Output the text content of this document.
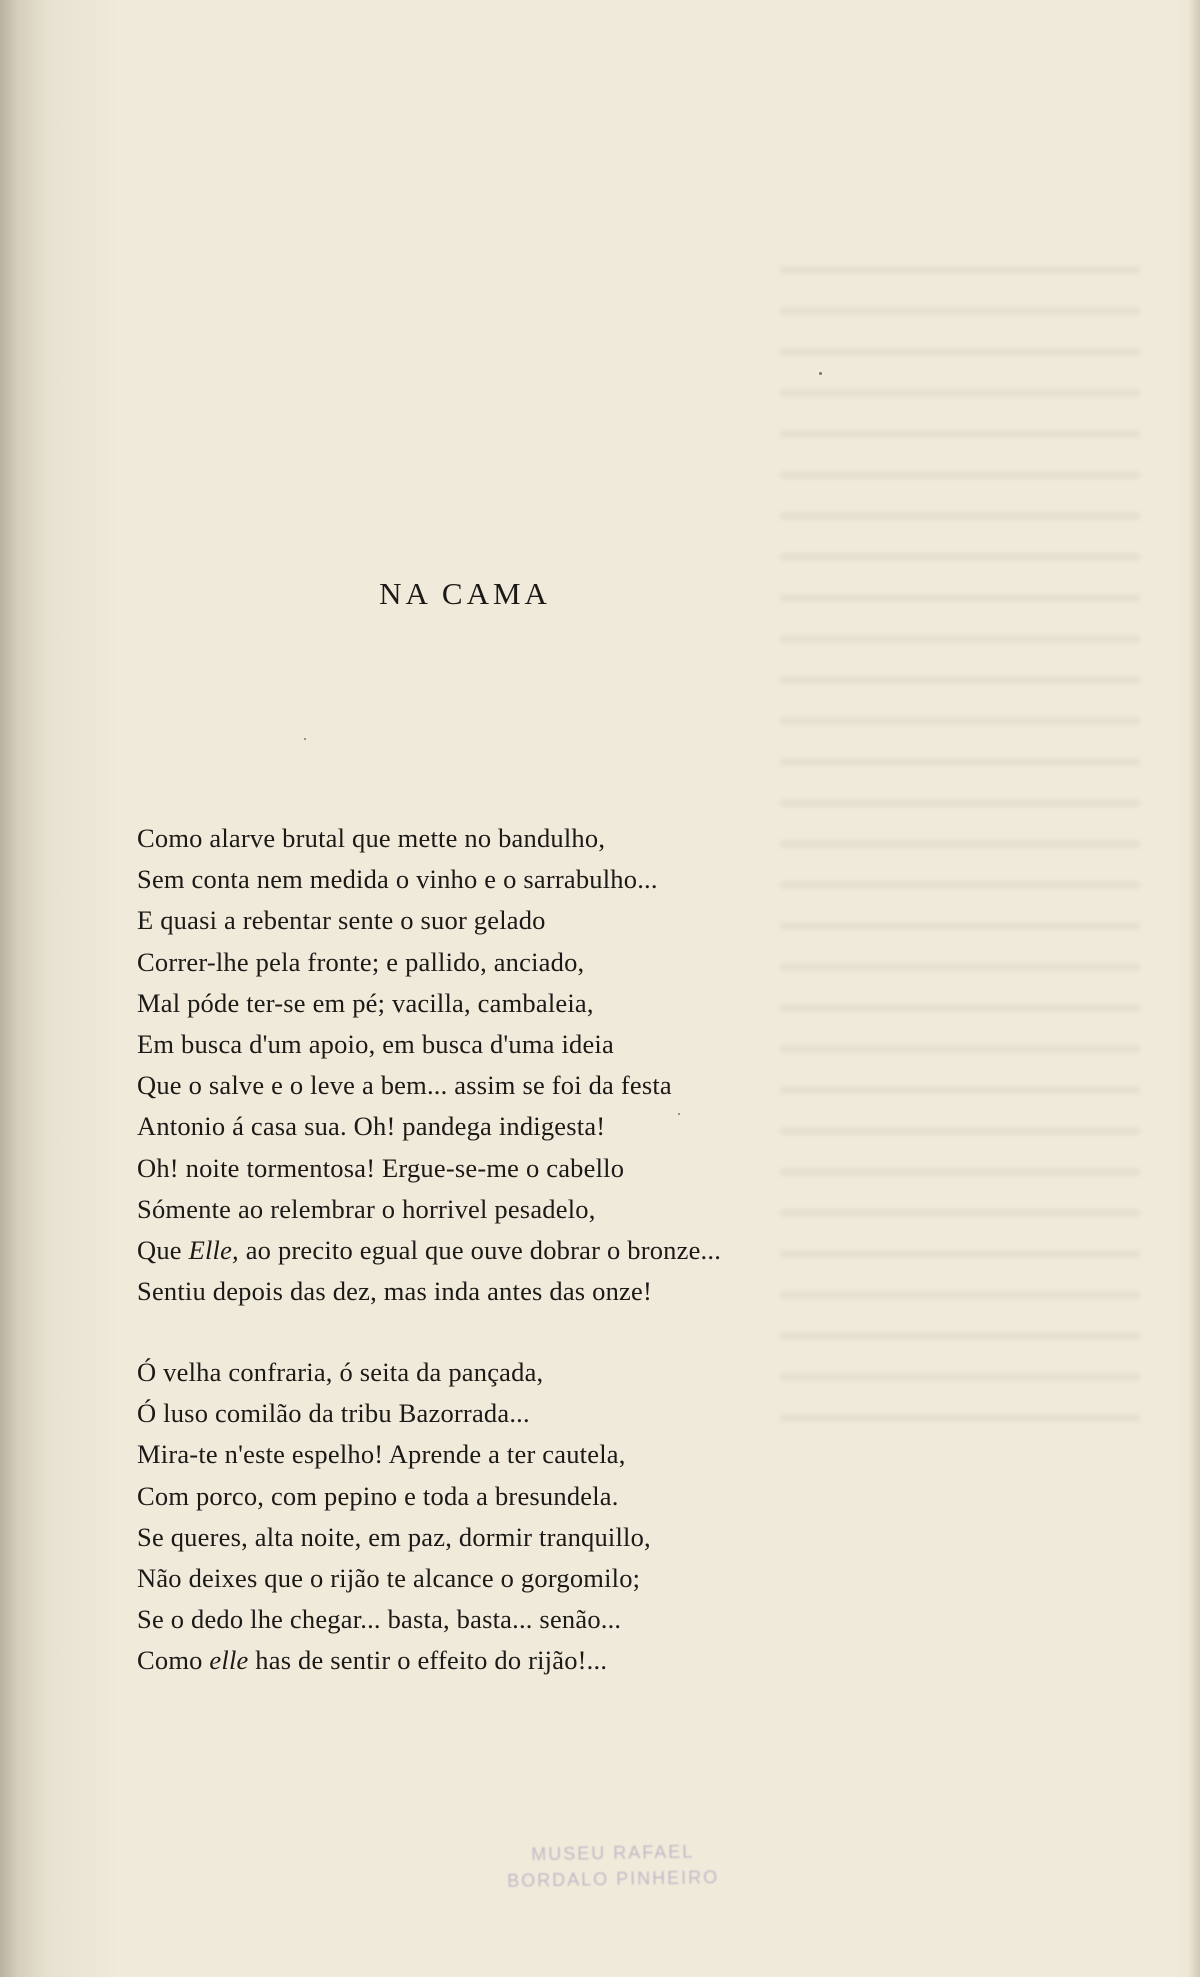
NA CAMA
Como alarve brutal que mette no bandulho,
Sem conta nem medida o vinho e o sarrabulho...
E quasi a rebentar sente o suor gelado
Correr-lhe pela fronte; e pallido, anciado,
Mal póde ter-se em pé; vacilla, cambaleia,
Em busca d'um apoio, em busca d'uma ideia
Que o salve e o leve a bem... assim se foi da festa
Antonio á casa sua. Oh! pandega indigesta!
Oh! noite tormentosa! Ergue-se-me o cabello
Sómente ao relembrar o horrivel pesadelo,
Que Elle, ao precito egual que ouve dobrar o bronze...
Sentiu depois das dez, mas inda antes das onze!
Ó velha confraria, ó seita da pançada,
Ó luso comilão da tribu Bazorrada...
Mira-te n'este espelho! Aprende a ter cautela,
Com porco, com pepino e toda a bresundela.
Se queres, alta noite, em paz, dormir tranquillo,
Não deixes que o rijão te alcance o gorgomilo;
Se o dedo lhe chegar... basta, basta... senão...
Como elle has de sentir o effeito do rijão!...
MUSEU RAFAEL
BORDALO PINHEIRO
